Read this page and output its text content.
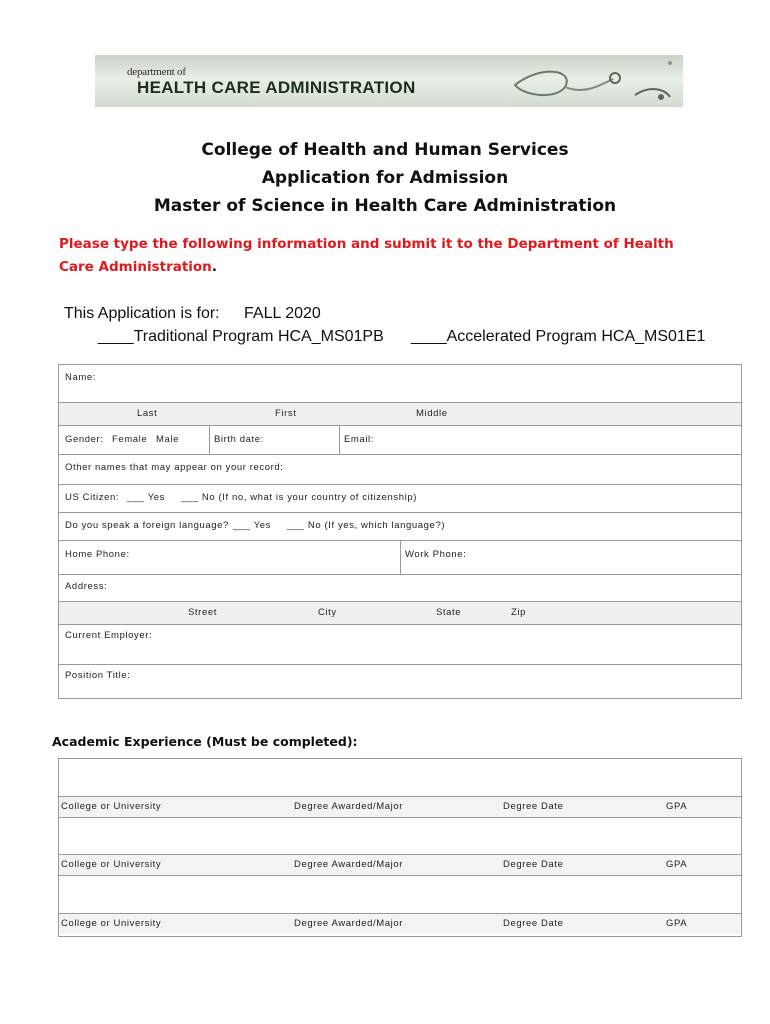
department of
HEALTH CARE ADMINISTRATION
College of Health and Human Services
Application for Admission
Master of Science in Health Care Administration
Please type the following information and submit it to the Department of Health Care Administration.
This Application is for: FALL 2020
____Traditional Program HCA_MS01PB ____Accelerated Program HCA_MS01E1
Name:
Last	First	Middle
Gender: Female Male	Birth date:	Email:
Other names that may appear on your record:
US Citizen: ___ Yes ___ No (If no, what is your country of citizenship)
Do you speak a foreign language? ___ Yes ___ No (If yes, which language?)
Home Phone:	Work Phone:
Address:
Street	City	State	Zip
Current Employer:
Position Title:
Academic Experience (Must be completed):
College or University	Degree Awarded/Major	Degree Date	GPA
College or University	Degree Awarded/Major	Degree Date	GPA
College or University	Degree Awarded/Major	Degree Date	GPA
